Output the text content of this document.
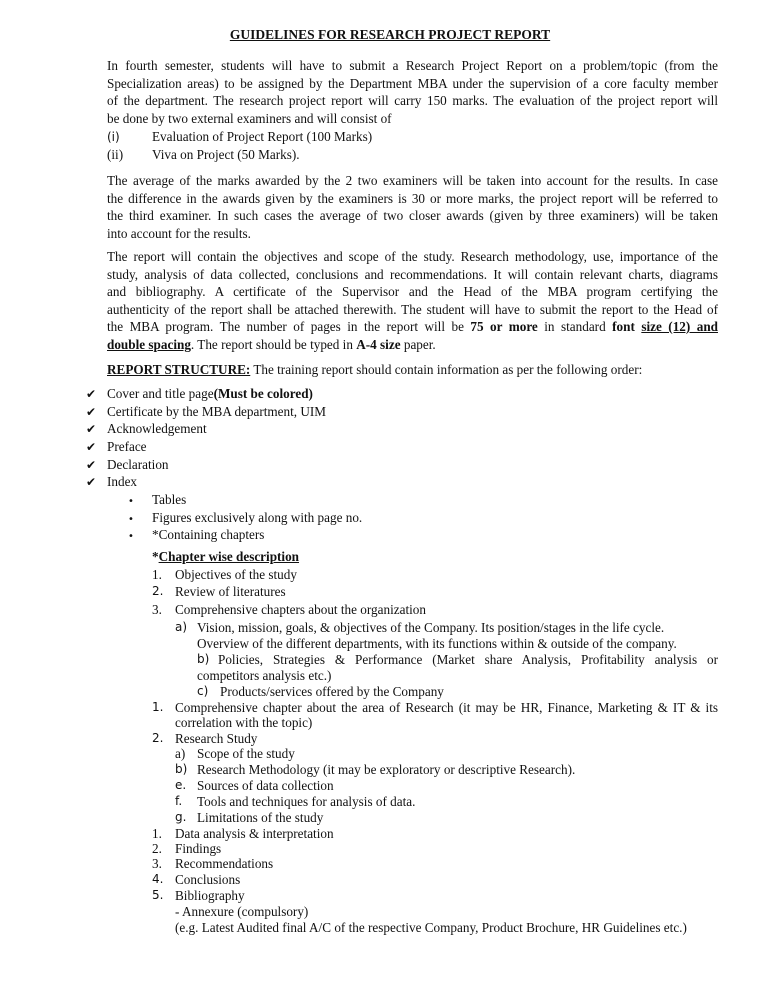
GUIDELINES FOR RESEARCH PROJECT REPORT
In fourth semester, students will have to submit a Research Project Report on a problem/topic (from the
Specialization areas) to be assigned by the Department MBA under the supervision of a core faculty member
of the department. The research project report will carry 150 marks. The evaluation of the project report will
be done by two external examiners and will consist of
(i) Evaluation of Project Report (100 Marks)
(ii) Viva on Project (50 Marks).
The average of the marks awarded by the 2 two examiners will be taken into account for the results. In case
the difference in the awards given by the examiners is 30 or more marks, the project report will be referred to
the third examiner. In such cases the average of two closer awards (given by three examiners) will be taken
into account for the results.
The report will contain the objectives and scope of the study. Research methodology, use, importance of the
study, analysis of data collected, conclusions and recommendations. It will contain relevant charts, diagrams
and bibliography. A certificate of the Supervisor and the Head of the MBA program certifying the
authenticity of the report shall be attached therewith. The student will have to submit the report to the Head of
the MBA program. The number of pages in the report will be 75 or more in standard font size (12) and
double spacing. The report should be typed in A-4 size paper.
REPORT STRUCTURE: The training report should contain information as per the following order:
✔ Cover and title page(Must be colored)
✔ Certificate by the MBA department, UIM
✔ Acknowledgement
✔ Preface
✔ Declaration
✔ Index
• Tables
• Figures exclusively along with page no.
• *Containing chapters
*Chapter wise description
1. Objectives of the study
2. Review of literatures
3. Comprehensive chapters about the organization
a) Vision, mission, goals, & objectives of the Company. Its position/stages in the life cycle.
Overview of the different departments, with its functions within & outside of the company.
b) Policies, Strategies & Performance (Market share Analysis, Profitability analysis or
competitors analysis etc.)
c) Products/services offered by the Company
1. Comprehensive chapter about the area of Research (it may be HR, Finance, Marketing & IT & its
correlation with the topic)
2. Research Study
a) Scope of the study
b) Research Methodology (it may be exploratory or descriptive Research).
e. Sources of data collection
f. Tools and techniques for analysis of data.
g. Limitations of the study
1. Data analysis & interpretation
2. Findings
3. Recommendations
4. Conclusions
5. Bibliography
- Annexure (compulsory)
(e.g. Latest Audited final A/C of the respective Company, Product Brochure, HR Guidelines etc.)
